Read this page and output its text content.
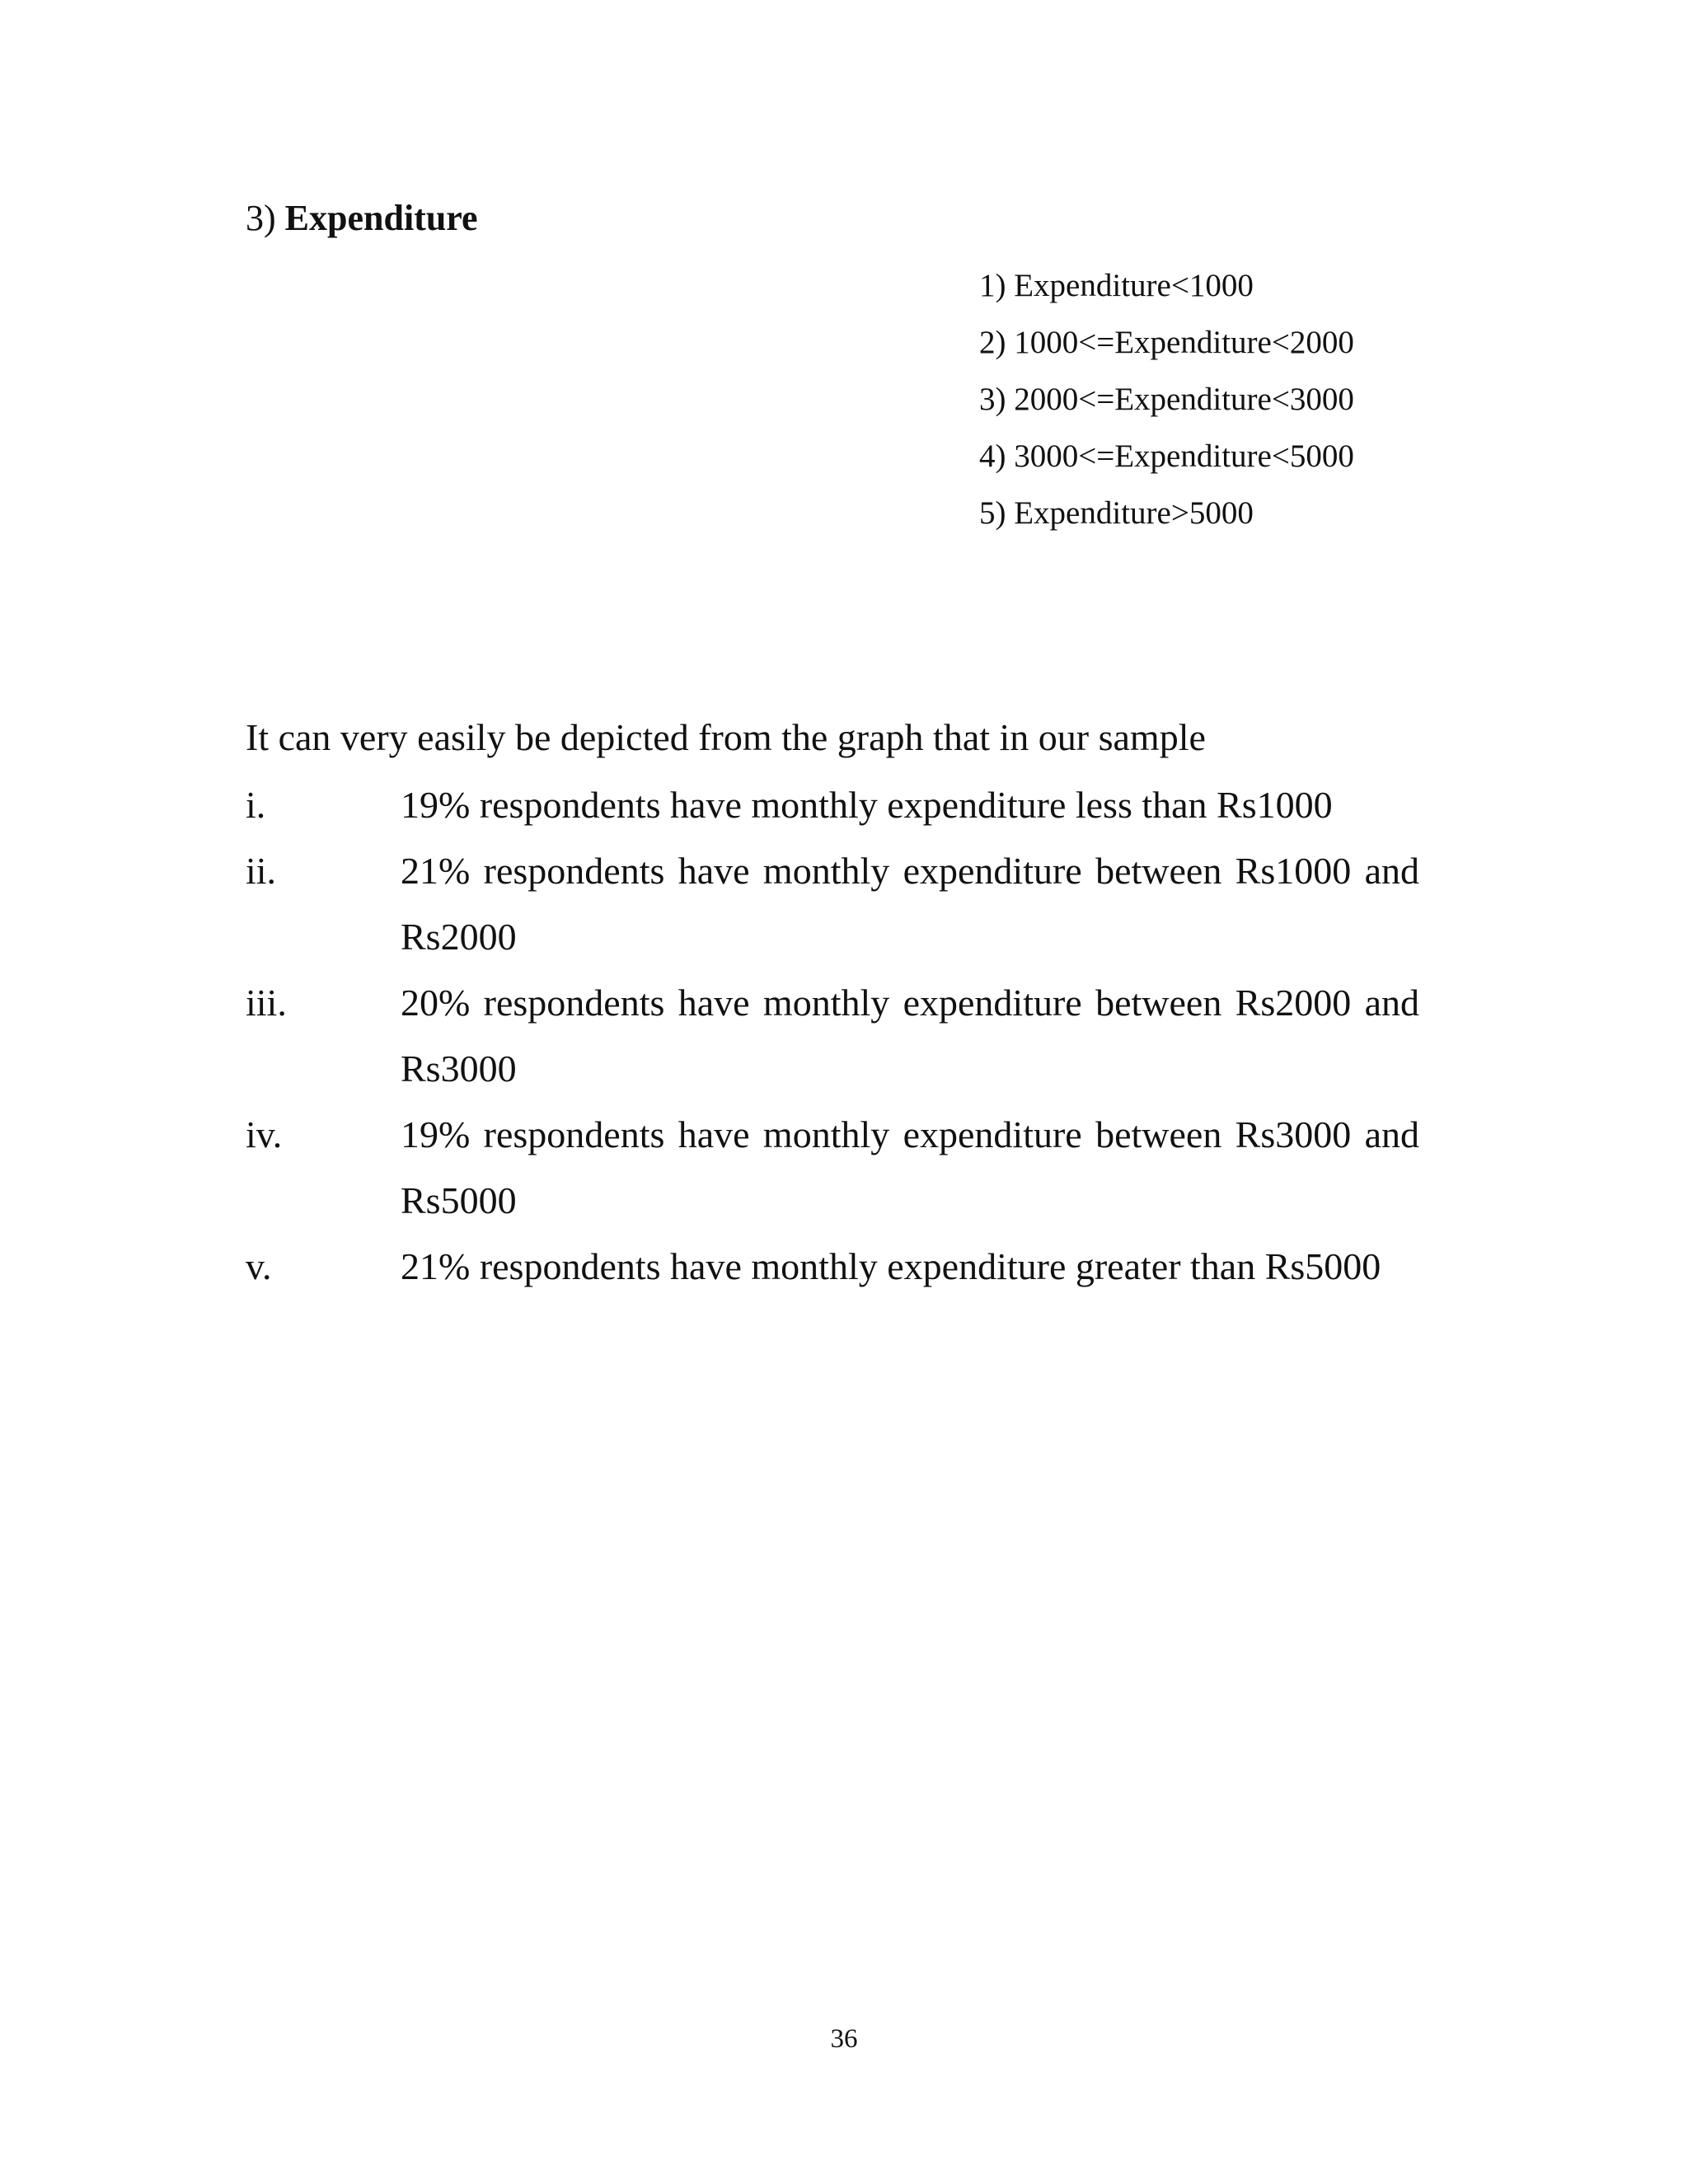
3) Expenditure
1) Expenditure<1000
2) 1000<=Expenditure<2000
3) 2000<=Expenditure<3000
4) 3000<=Expenditure<5000
5) Expenditure>5000
It can very easily be depicted from the graph that in our sample
i.	19% respondents have monthly expenditure less than Rs1000
ii.	21% respondents have monthly expenditure between Rs1000 and Rs2000
iii.	20% respondents have monthly expenditure between Rs2000 and Rs3000
iv.	19% respondents have monthly expenditure between Rs3000 and Rs5000
v.	21% respondents have monthly expenditure greater than Rs5000
36
